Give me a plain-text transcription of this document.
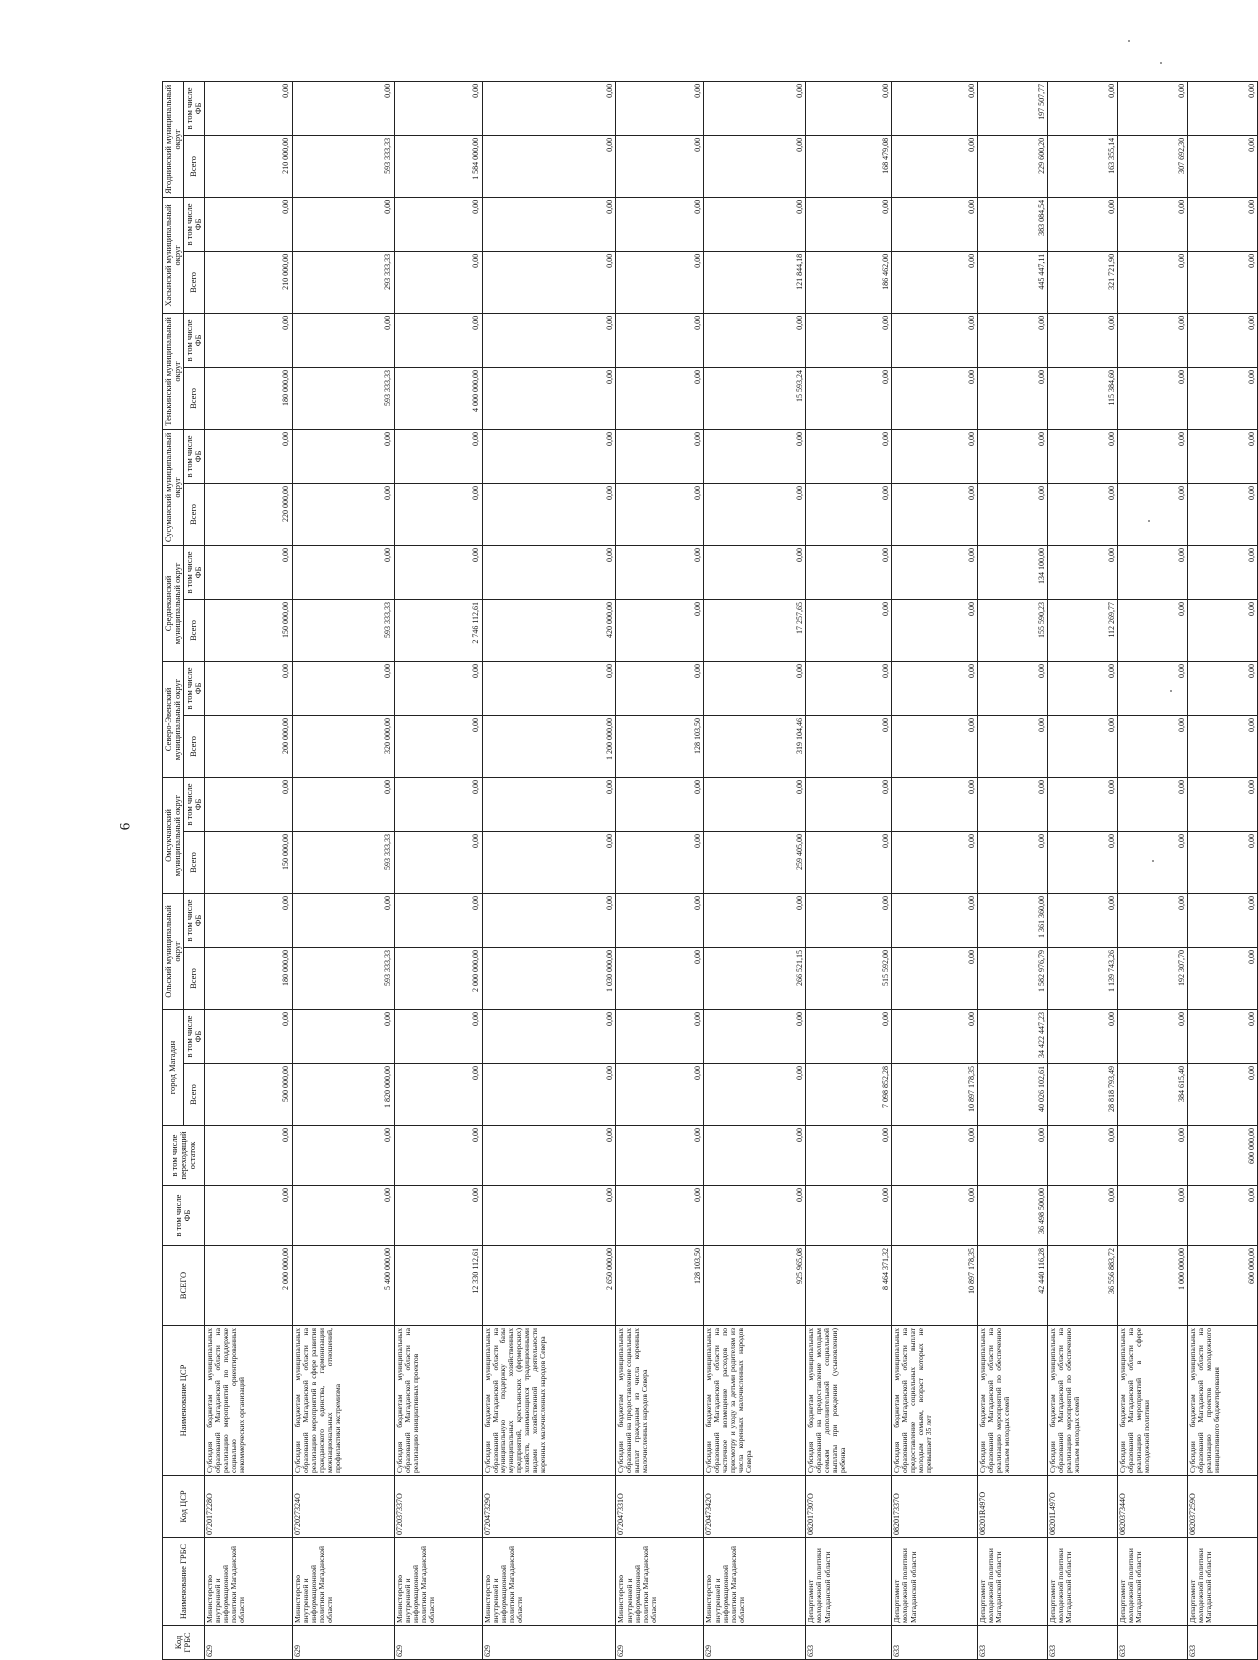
6
Код ГРБС	Наименование ГРБС	Код ЦСР	Наименование ЦСР	ВСЕГО	в том числе ФБ	в том числе переходящий остаток	город Магадан		Ольский муниципальный округ		Омсукчанский муниципальный округ		Северо-Эвенский муниципальный округ		Среднеканский муниципальный округ		Сусуманский муниципальный округ		Тенькинский муниципальный округ		Хасынский муниципальный округ		Ягоднинский муниципальный округ	
							Всего	в том числе ФБ	Всего	в том числе ФБ	Всего	в том числе ФБ	Всего	в том числе ФБ	Всего	в том числе ФБ	Всего	в том числе ФБ	Всего	в том числе ФБ	Всего	в том числе ФБ	Всего	в том числе ФБ
629	Министерство внутренней и информационной политики Магаданской области	072017228О	Субсидия бюджетам муниципальных образований Магаданской области на реализацию мероприятий по поддержке социально ориентированных некоммерческих организаций	2 000 000,00	0,00	0,00	500 000,00	0,00	180 000,00	0,00	150 000,00	0,00	200 000,00	0,00	150 000,00	0,00	220 000,00	0,00	180 000,00	0,00	210 000,00	0,00	210 000,00	0,00
629	Министерство внутренней и информационной политики Магаданской области	072027324О	Субсидии бюджетам муниципальных образований Магаданской области на реализацию мероприятий в сфере развития гражданского единства, гармонизации межнациональных отношений, профилактики экстремизма	5 400 000,00	0,00	0,00	1 820 000,00	0,00	593 333,33	0,00	593 333,33	0,00	320 000,00	0,00	593 333,33	0,00	0,00	0,00	593 333,33	0,00	293 333,33	0,00	593 333,33	0,00
629	Министерство внутренней и информационной политики Магаданской области	072037337О	Субсидия бюджетам муниципальных образований Магаданской области на реализацию инициативных проектов	12 330 112,61	0,00	0,00	0,00	0,00	2 000 000,00	0,00	0,00	0,00	0,00	0,00	2 746 112,61	0,00	0,00	0,00	4 000 000,00	0,00	0,00	0,00	1 584 000,00	0,00
629	Министерство внутренней и информационной политики Магаданской области	072047329О	Субсидии бюджетам муниципальных образований Магаданской области на муниципальную поддержку базы муниципальных хозяйственных предприятий, крестьянских (фермерских) хозяйств, занимающихся традиционными видами хозяйственной деятельности коренных малочисленных народов Севера	2 650 000,00	0,00	0,00	0,00	0,00	1 030 000,00	0,00	0,00	0,00	1 200 000,00	0,00	420 000,00	0,00	0,00	0,00	0,00	0,00	0,00	0,00	0,00	0,00
629	Министерство внутренней и информационной политики Магаданской области	072047331О	Субсидии бюджетам муниципальных образований на предоставление социальных выплат гражданам из числа коренных малочисленных народов Севера	128 103,50	0,00	0,00	0,00	0,00	0,00	0,00	0,00	0,00	128 103,50	0,00	0,00	0,00	0,00	0,00	0,00	0,00	0,00	0,00	0,00	0,00
629	Министерство внутренней и информационной политики Магаданской области	072047342О	Субсидии бюджетам муниципальных образований Магаданской области на частичное возмещение расходов по присмотру и уходу за детьми родителям из числа коренных малочисленных народов Севера	925 965,08	0,00	0,00	0,00	0,00	266 521,15	0,00	259 405,00	0,00	319 104,46	0,00	17 257,65	0,00	0,00	0,00	15 593,24	0,00	121 844,18	0,00	0,00	0,00
633	Департамент молодежной политики Магаданской области	082017307О	Субсидия бюджетам муниципальных образований на предоставление молодым семьям дополнительной социальной выплаты при рождении (усыновлении) ребенка	8 464 371,32	0,00	0,00	7 098 852,28	0,00	515 592,00	0,00	0,00	0,00	0,00	0,00	0,00	0,00	0,00	0,00	0,00	0,00	186 462,00	0,00	168 479,08	0,00
633	Департамент молодежной политики Магаданской области	082017337О	Субсидия бюджетам муниципальных образований Магаданской области на предоставление социальных выплат молодым семьям, возраст которых не превышает 35 лет	10 897 178,35	0,00	0,00	10 897 178,35	0,00	0,00	0,00	0,00	0,00	0,00	0,00	0,00	0,00	0,00	0,00	0,00	0,00	0,00	0,00	0,00	0,00
633	Департамент молодежной политики Магаданской области	08201R497О	Субсидии бюджетам муниципальных образований Магаданской области на реализацию мероприятий по обеспечению жильем молодых семей	42 440 116,28	36 498 500,00	0,00	40 026 102,61	34 422 447,23	1 582 976,79	1 361 360,00	0,00	0,00	0,00	0,00	155 590,23	134 100,00	0,00	0,00	0,00	0,00	445 447,11	383 084,54	229 600,20	197 507,77
633	Департамент молодежной политики Магаданской области	08201L497О	Субсидии бюджетам муниципальных образований Магаданской области на реализацию мероприятий по обеспечению жильем молодых семей	36 556 883,72	0,00	0,00	28 818 793,49	0,00	1 139 743,26	0,00	0,00	0,00	0,00	0,00	112 269,77	0,00	0,00	0,00	115 384,60	0,00	321 721,90	0,00	163 355,14	0,00
633	Департамент молодежной политики Магаданской области	082037344О	Субсидии бюджетам муниципальных образований Магаданской области на реализацию мероприятий в сфере молодежной политики	1 000 000,00	0,00	0,00	384 615,40	0,00	192 307,70	0,00	0,00	0,00	0,00	0,00	0,00	0,00	0,00	0,00	0,00	0,00	0,00	0,00	307 692,30	0,00
633	Департамент молодежной политики Магаданской области	082037259О	Субсидии бюджетам муниципальных образований Магаданской области на реализацию проектов молодежного инициативного бюджетирования	600 000,00	0,00	600 000,00	0,00	0,00	0,00	0,00	0,00	0,00	0,00	0,00	0,00	0,00	0,00	0,00	0,00	0,00	0,00	0,00	0,00	0,00
